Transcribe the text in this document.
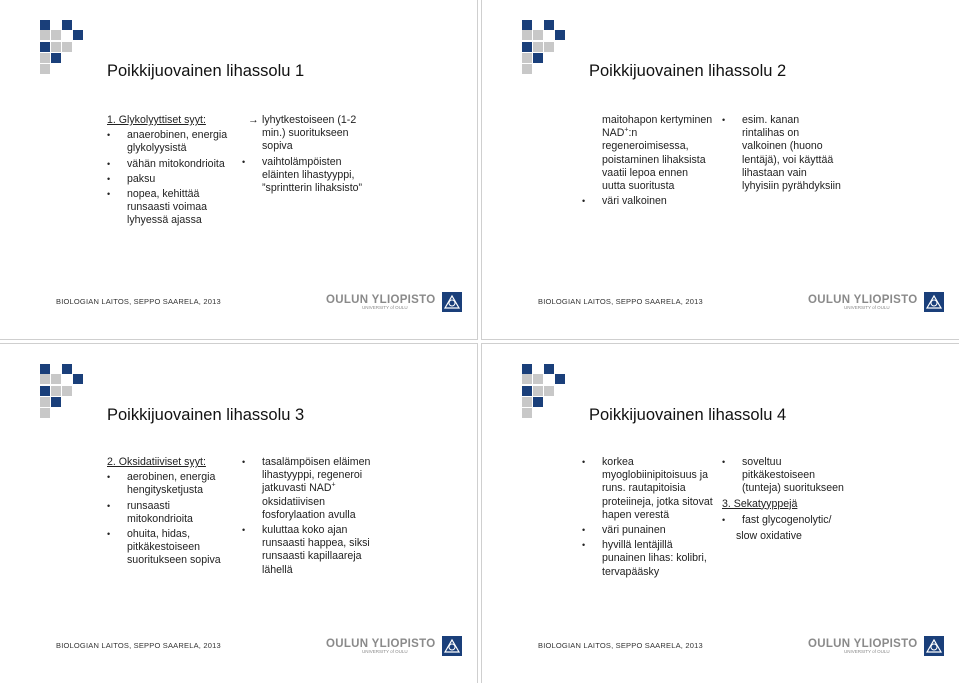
Poikkijuovainen lihassolu 1
1. Glykolyyttiset syyt:
• anaerobinen, energia glykolyysistä
• vähän mitokondrioita
• paksu
• nopea, kehittää runsaasti voimaa lyhyessä ajassa
→ lyhytkestoiseen (1-2 min.) suoritukseen sopiva
• vaihtolämpöisten eläinten lihastyyppi, ”sprintterin lihaksisto”
BIOLOGIAN LAITOS, SEPPO SAARELA, 2013	OULUN YLIOPISTO
UNIVERSITY of OULU
Poikkijuovainen lihassolu 2
maitohapon kertyminen NAD+:n regeneroimisessa, poistaminen lihaksista vaatii lepoa ennen uutta suoritusta
• väri valkoinen
• esim. kanan rintalihas on valkoinen (huono lentäjä), voi käyttää lihastaan vain lyhyisiin pyrähdyksiin
BIOLOGIAN LAITOS, SEPPO SAARELA, 2013	OULUN YLIOPISTO
UNIVERSITY of OULU
Poikkijuovainen lihassolu 3
2. Oksidatiiviset syyt:
• aerobinen, energia hengitysketjusta
• runsaasti mitokondrioita
• ohuita, hidas, pitkäkestoiseen suoritukseen sopiva
• tasalämpöisen eläimen lihastyyppi, regeneroi jatkuvasti NAD+ oksidatiivisen fosforylaation avulla
• kuluttaa koko ajan runsaasti happea, siksi runsaasti kapillaareja lähellä
BIOLOGIAN LAITOS, SEPPO SAARELA, 2013	OULUN YLIOPISTO
UNIVERSITY of OULU
Poikkijuovainen lihassolu 4
• korkea myoglobiinipitoisuus ja runs. rautapitoisia proteiineja, jotka sitovat hapen verestä
• väri punainen
• hyvillä lentäjillä punainen lihas: kolibri, tervapääsky
• soveltuu pitkäkestoiseen (tunteja) suoritukseen
3. Sekatyyppejä
• fast glycogenolytic/
slow oxidative
BIOLOGIAN LAITOS, SEPPO SAARELA, 2013	OULUN YLIOPISTO
UNIVERSITY of OULU
